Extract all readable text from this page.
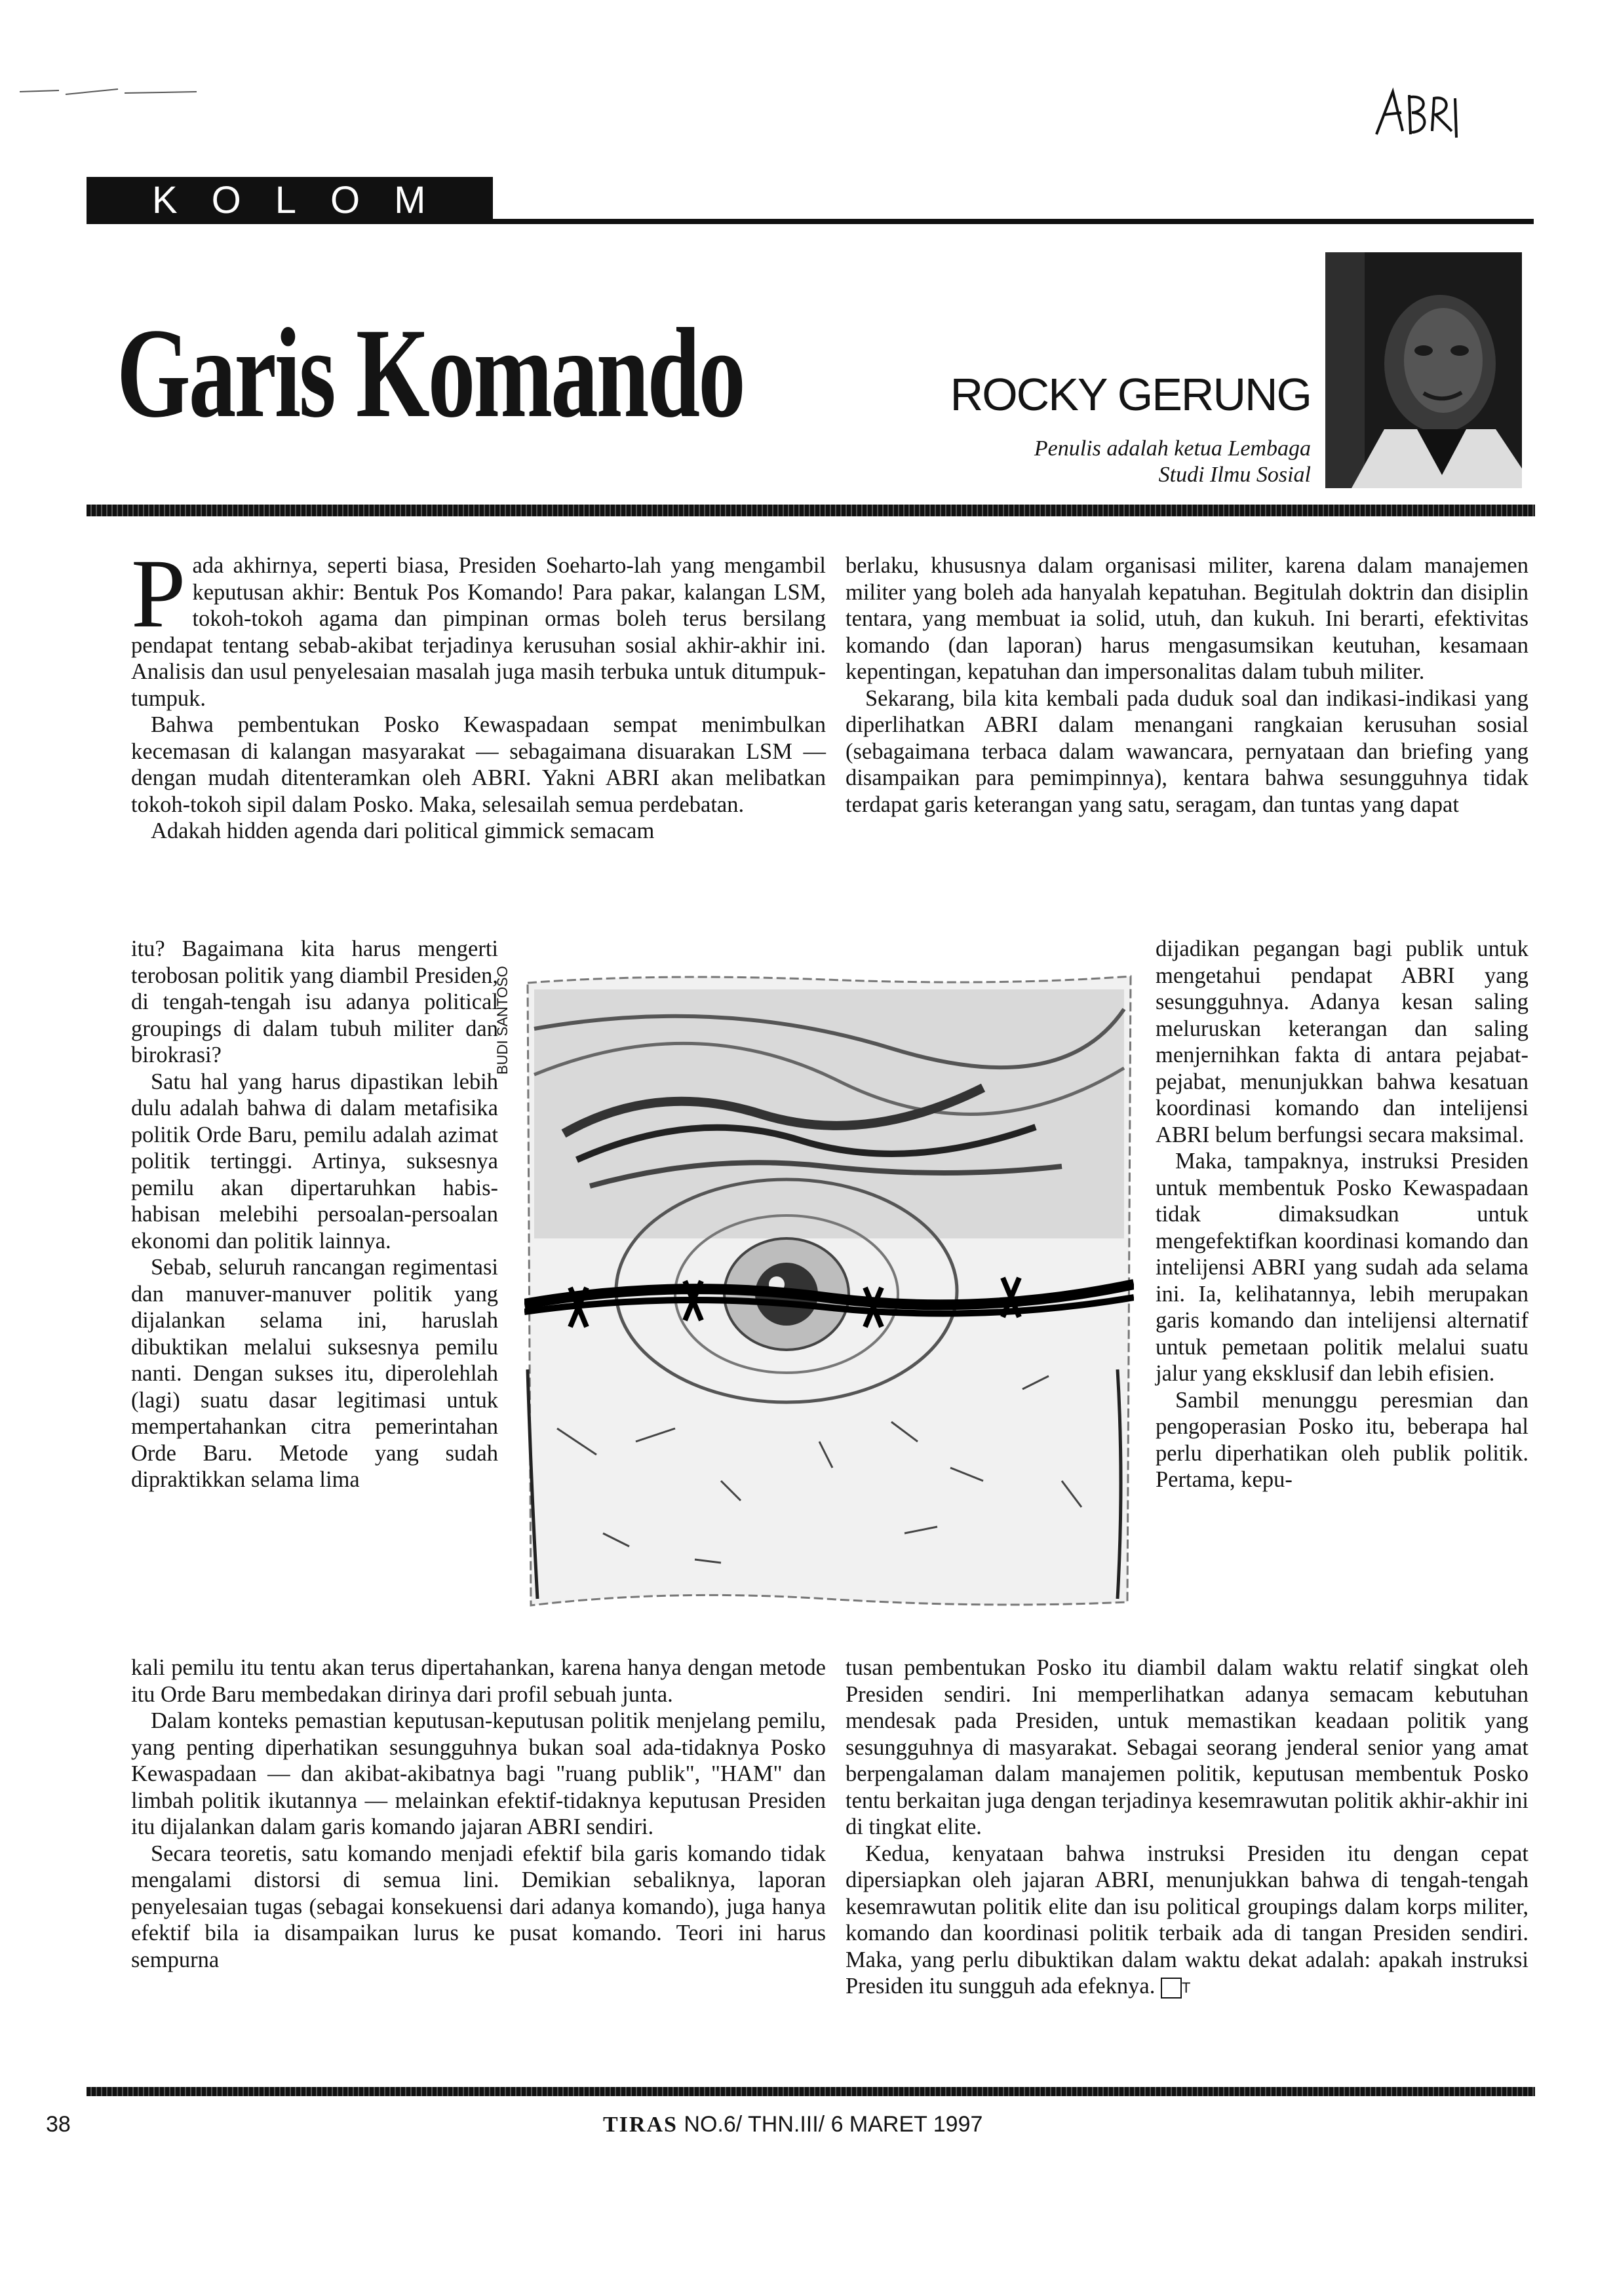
KOLOM
Garis Komando	ROCKY GERUNG
Penulis adalah ketua Lembaga
Studi Ilmu Sosial

Pada akhirnya, seperti biasa, Presiden Soeharto-lah yang mengambil keputusan akhir: Bentuk Pos Komando! Para pakar, kalangan LSM, tokoh-tokoh agama dan pimpinan ormas boleh terus bersilang pendapat tentang sebab-akibat terjadinya kerusuhan sosial akhir-akhir ini. Analisis dan usul penyelesaian masalah juga masih terbuka untuk ditumpuk-tumpuk.

Bahwa pembentukan Posko Kewaspadaan sempat menimbulkan kecemasan di kalangan masyarakat — sebagaimana disuarakan LSM — dengan mudah ditenteramkan oleh ABRI. Yakni ABRI akan melibatkan tokoh-tokoh sipil dalam Posko. Maka, selesailah semua perdebatan.

Adakah hidden agenda dari political gimmick semacam

itu? Bagaimana kita harus mengerti terobosan politik yang diambil Presiden, di tengah-tengah isu adanya political groupings di dalam tubuh militer dan birokrasi?

Satu hal yang harus dipastikan lebih dulu adalah bahwa di dalam metafisika politik Orde Baru, pemilu adalah azimat politik tertinggi. Artinya, suksesnya pemilu akan dipertaruhkan habis-habisan melebihi persoalan-persoalan ekonomi dan politik lainnya.

Sebab, seluruh rancangan regimentasi dan manuver-manuver politik yang dijalankan selama ini, haruslah dibuktikan melalui suksesnya pemilu nanti. Dengan sukses itu, diperolehlah (lagi) suatu dasar legitimasi untuk mempertahankan citra pemerintahan Orde Baru. Metode yang sudah dipraktikkan selama lima

kali pemilu itu tentu akan terus dipertahankan, karena hanya dengan metode itu Orde Baru membedakan dirinya dari profil sebuah junta.

Dalam konteks pemastian keputusan-keputusan politik menjelang pemilu, yang penting diperhatikan sesungguhnya bukan soal ada-tidaknya Posko Kewaspadaan — dan akibat-akibatnya bagi "ruang publik", "HAM" dan limbah politik ikutannya — melainkan efektif-tidaknya keputusan Presiden itu dijalankan dalam garis komando jajaran ABRI sendiri.

Secara teoretis, satu komando menjadi efektif bila garis komando tidak mengalami distorsi di semua lini. Demikian sebaliknya, laporan penyelesaian tugas (sebagai konsekuensi dari adanya komando), juga hanya efektif bila ia disampaikan lurus ke pusat komando. Teori ini harus sempurna

berlaku, khususnya dalam organisasi militer, karena dalam manajemen militer yang boleh ada hanyalah kepatuhan. Begitulah doktrin dan disiplin tentara, yang membuat ia solid, utuh, dan kukuh. Ini berarti, efektivitas komando (dan laporan) harus mengasumsikan keutuhan, kesamaan kepentingan, kepatuhan dan impersonalitas dalam tubuh militer.

Sekarang, bila kita kembali pada duduk soal dan indikasi-indikasi yang diperlihatkan ABRI dalam menangani rangkaian kerusuhan sosial (sebagaimana terbaca dalam wawancara, pernyataan dan briefing yang disampaikan para pemimpinnya), kentara bahwa sesungguhnya tidak terdapat garis keterangan yang satu, seragam, dan tuntas yang dapat

dijadikan pegangan bagi publik untuk mengetahui pendapat ABRI yang sesungguhnya. Adanya kesan saling meluruskan keterangan dan saling menjernihkan fakta di antara pejabat-pejabat, menunjukkan bahwa kesatuan koordinasi komando dan intelijensi ABRI belum berfungsi secara maksimal.

Maka, tampaknya, instruksi Presiden untuk membentuk Posko Kewaspadaan tidak dimaksudkan untuk mengefektifkan koordinasi komando dan intelijensi ABRI yang sudah ada selama ini. Ia, kelihatannya, lebih merupakan garis komando dan intelijensi alternatif untuk pemetaan politik melalui suatu jalur yang eksklusif dan lebih efisien.

Sambil menunggu peresmian dan pengoperasian Posko itu, beberapa hal perlu diperhatikan oleh publik politik. Pertama, kepu-

tusan pembentukan Posko itu diambil dalam waktu relatif singkat oleh Presiden sendiri. Ini memperlihatkan adanya semacam kebutuhan mendesak pada Presiden, untuk memastikan keadaan politik yang sesungguhnya di masyarakat. Sebagai seorang jenderal senior yang amat berpengalaman dalam manajemen politik, keputusan membentuk Posko tentu berkaitan juga dengan terjadinya kesemrawutan politik akhir-akhir ini di tingkat elite.

Kedua, kenyataan bahwa instruksi Presiden itu dengan cepat dipersiapkan oleh jajaran ABRI, menunjukkan bahwa di tengah-tengah kesemrawutan politik elite dan isu political groupings dalam korps militer, komando dan koordinasi politik terbaik ada di tangan Presiden sendiri. Maka, yang perlu dibuktikan dalam waktu dekat adalah: apakah instruksi Presiden itu sungguh ada efeknya. T

BUDI SANTOSO
38	TIRAS NO.6/ THN.III/ 6 MARET 1997
